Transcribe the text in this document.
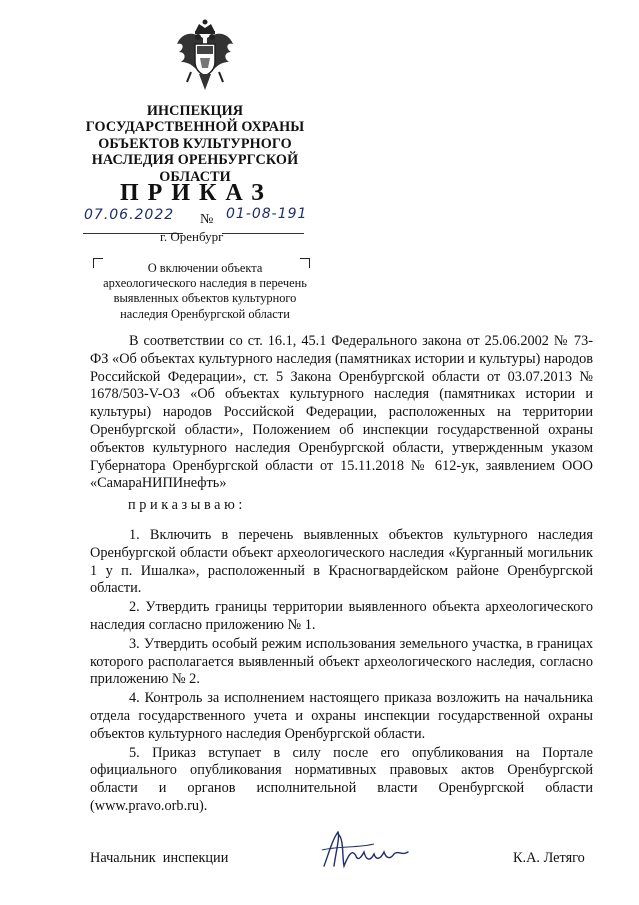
ИНСПЕКЦИЯ
ГОСУДАРСТВЕННОЙ ОХРАНЫ
ОБЪЕКТОВ КУЛЬТУРНОГО
НАСЛЕДИЯ ОРЕНБУРГСКОЙ
ОБЛАСТИ
ПРИКАЗ
07.06.2022 № 01-08-191
г. Оренбург
О включении объекта
археологического наследия в перечень
выявленных объектов культурного
наследия Оренбургской области

В соответствии со ст. 16.1, 45.1 Федерального закона от 25.06.2002 № 73-ФЗ «Об объектах культурного наследия (памятниках истории и культуры) народов Российской Федерации», ст. 5 Закона Оренбургской области от 03.07.2013 № 1678/503-V-ОЗ «Об объектах культурного наследия (памятниках истории и культуры) народов Российской Федерации, расположенных на территории Оренбургской области», Положением об инспекции государственной охраны объектов культурного наследия Оренбургской области, утвержденным указом Губернатора Оренбургской области от 15.11.2018 № 612-ук, заявлением ООО «СамараНИПИнефть»

приказываю:

1. Включить в перечень выявленных объектов культурного наследия Оренбургской области объект археологического наследия «Курганный могильник 1 у п. Ишалка», расположенный в Красногвардейском районе Оренбургской области.

2. Утвердить границы территории выявленного объекта археологического наследия согласно приложению № 1.

3. Утвердить особый режим использования земельного участка, в границах которого располагается выявленный объект археологического наследия, согласно приложению № 2.

4. Контроль за исполнением настоящего приказа возложить на начальника отдела государственного учета и охраны инспекции государственной охраны объектов культурного наследия Оренбургской области.

5. Приказ вступает в силу после его опубликования на Портале официального опубликования нормативных правовых актов Оренбургской области и органов исполнительной власти Оренбургской области (www.pravo.orb.ru).

Начальник  инспекции	К.А. Летяго
